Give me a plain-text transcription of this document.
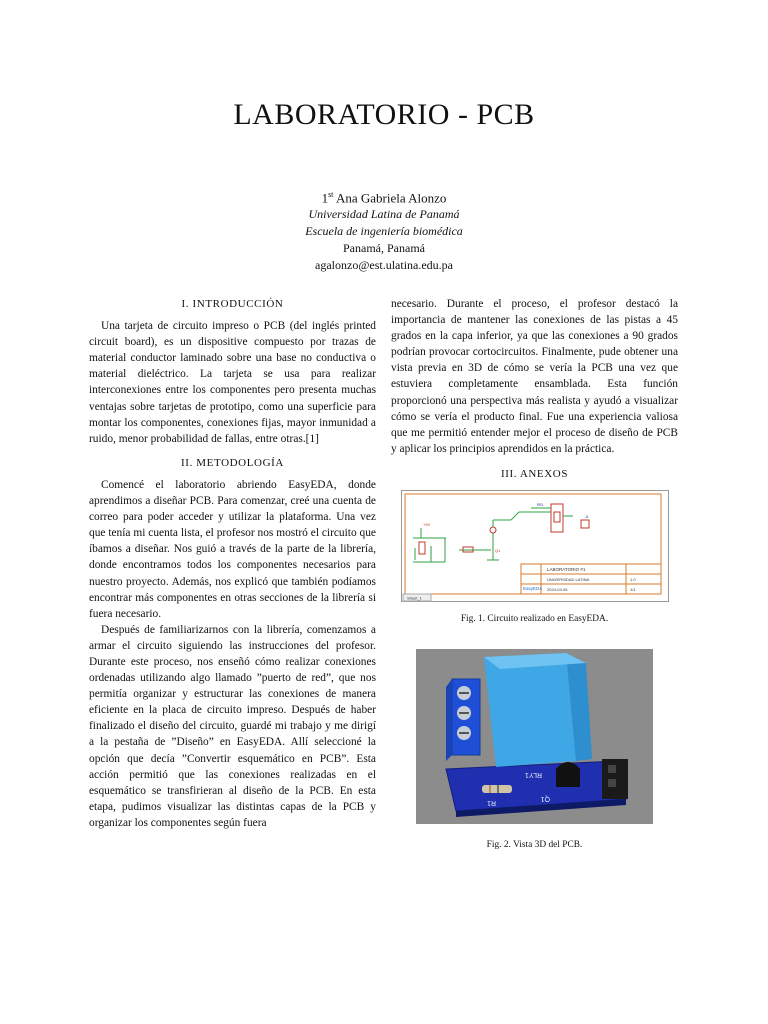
LABORATORIO - PCB
1st Ana Gabriela Alonzo
Universidad Latina de Panamá
Escuela de ingeniería biomédica
Panamá, Panamá
agalonzo@est.ulatina.edu.pa
I. INTRODUCCIÓN

Una tarjeta de circuito impreso o PCB (del inglés printed circuit board), es un dispositive compuesto por trazas de material conductor laminado sobre una base no conductiva o material dieléctrico. La tarjeta se usa para realizar interconexiones entre los componentes pero presenta muchas ventajas sobre tarjetas de prototipo, como una superficie para montar los componentes, conexiones fijas, mayor inmunidad a ruido, menor probabilidad de fallas, entre otras.[1]

II. METODOLOGÍA

Comencé el laboratorio abriendo EasyEDA, donde aprendimos a diseñar PCB. Para comenzar, creé una cuenta de correo para poder acceder y utilizar la plataforma. Una vez que tenía mi cuenta lista, el profesor nos mostró el circuito que íbamos a diseñar. Nos guió a través de la parte de la librería, donde encontramos todos los componentes necesarios para nuestro proyecto. Además, nos explicó que también podíamos encontrar más componentes en otras secciones de la librería si fuera necesario.

Después de familiarizarnos con la librería, comenzamos a armar el circuito siguiendo las instrucciones del profesor. Durante este proceso, nos enseñó cómo realizar conexiones ordenadas utilizando algo llamado ”puerto de red”, que nos permitía organizar y estructurar las conexiones de manera eficiente en la placa de circuito impreso. Después de haber finalizado el diseño del circuito, guardé mi trabajo y me dirigí a la pestaña de ”Diseño” en EasyEDA. Allí seleccioné la opción que decía ”Convertir esquemático en PCB”. Esta acción permitió que las conexiones realizadas en el esquemático se transfirieran al diseño de la PCB. En esta etapa, pudimos visualizar las distintas capas de la PCB y organizar los componentes según fuera

necesario. Durante el proceso, el profesor destacó la importancia de mantener las conexiones de las pistas a 45 grados en la capa inferior, ya que las conexiones a 90 grados podrían provocar cortocircuitos. Finalmente, pude obtener una vista previa en 3D de cómo se vería la PCB una vez que estuviera completamente ensamblada. Esta función proporcionó una perspectiva más realista y ayudó a visualizar cómo se vería el producto final. Fue una experiencia valiosa que me permitió entender mejor el proceso de diseño de PCB y aplicar los principios aprendidos en la práctica.

III. ANEXOS
+5V
Q1
REL
J1
LABORATORIO #1
UNIVERSIDAD LATINA
2024-03-05
1.0
1/1
EasyEDA
Sheet_1
Fig. 1. Circuito realizado en EasyEDA.
RLY1
Q1
R1
Fig. 2. Vista 3D del PCB.
